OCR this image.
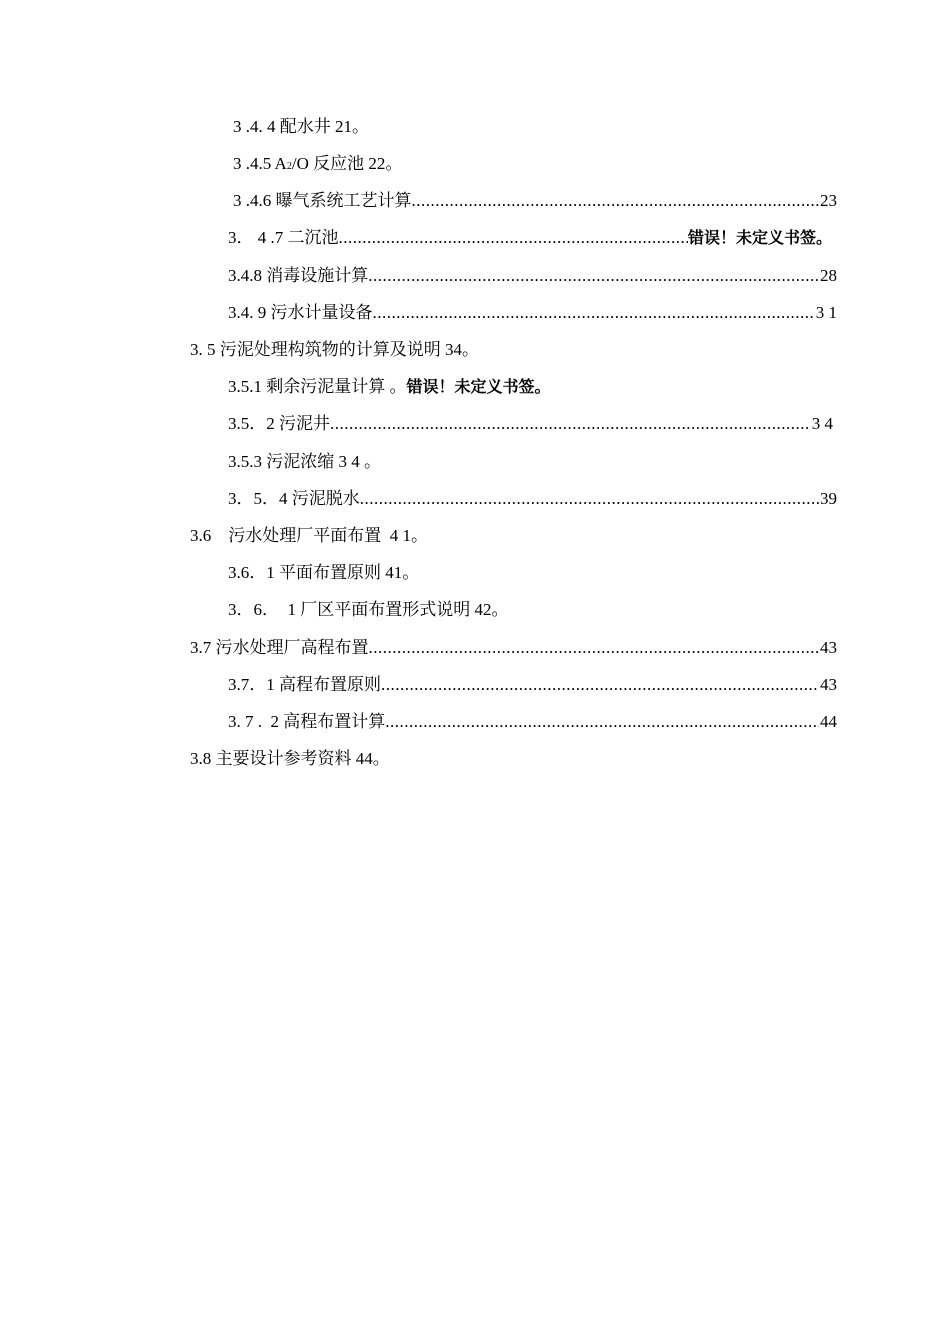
3 .4. 4 配水井 21。
3 .4.5 A 2 /O 反应池 22。
3 .4.6 曝气系统工艺计算 .....	23
3． 4 .7 二沉池 .....	错误！未定义书签。
3.4.8 消毒设施计算 .....	28
3.4. 9 污水计量设备 .....	3 1
3. 5 污泥处理构筑物的计算及说明 34。
3.5.1 剩余污泥量计算 。 错误！未定义书签。
3.5．2 污泥井 .....	3 4
3.5.3 污泥浓缩 3 4 。
3．5．4 污泥脱水 .....	39
3.6    污水处理厂平面布置  4 1。
3.6．1 平面布置原则 41。
3．6．  1 厂区平面布置形式说明 42。
3.7 污水处理厂高程布置 .....	43
3.7．1 高程布置原则 .....	43
3. 7 .  2 高程布置计算 .....	44
3.8 主要设计参考资料 44。
